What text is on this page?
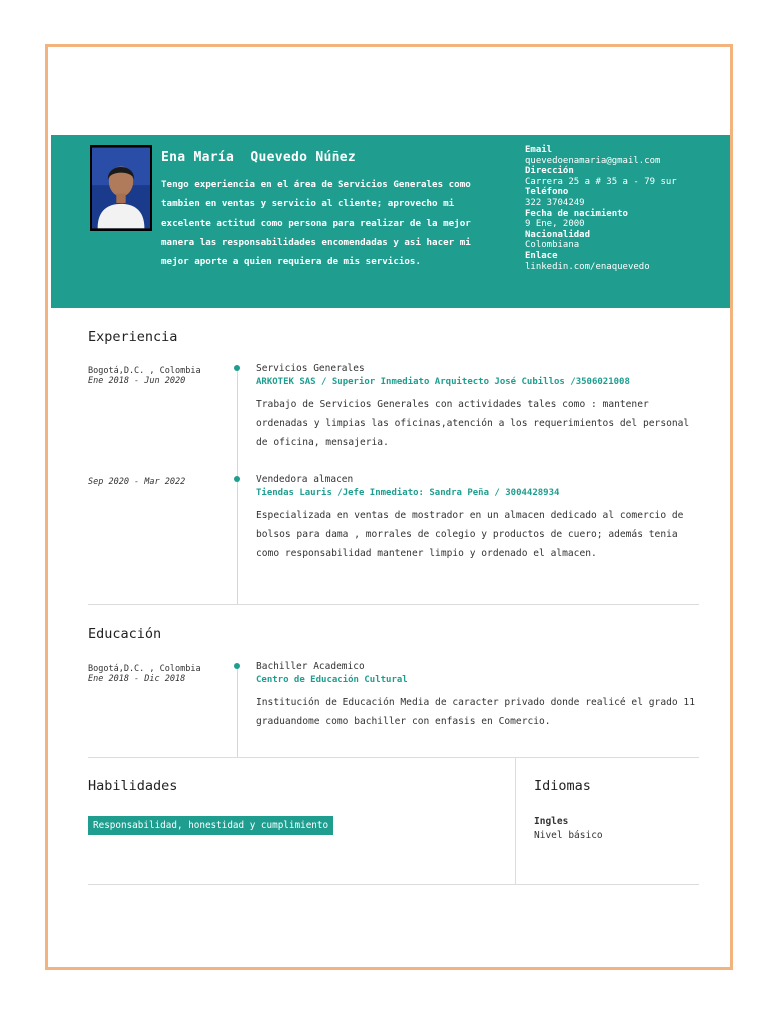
Ena María  Quevedo Núñez
Tengo experiencia en el área de Servicios Generales como tambien en ventas y servicio al cliente; aprovecho mi excelente actitud como persona para realizar de la mejor manera las responsabilidades encomendadas y asi hacer mi mejor aporte a quien requiera de mis servicios.
Email
quevedoenamaria@gmail.com
Dirección
Carrera 25 a # 35 a - 79 sur
Teléfono
322 3704249
Fecha de nacimiento
9 Ene, 2000
Nacionalidad
Colombiana
Enlace
linkedin.com/enaquevedo
Experiencia
Bogotá,D.C. , Colombia
Ene 2018 - Jun 2020
Servicios Generales
ARKOTEK SAS / Superior Inmediato Arquitecto José Cubillos /3506021008
Trabajo de Servicios Generales con actividades tales como : mantener ordenadas y limpias las oficinas,atención a los requerimientos del personal de oficina, mensajeria.
Sep 2020 - Mar 2022	Vendedora almacen
Tiendas Lauris /Jefe Inmediato: Sandra Peña / 3004428934
Especializada en ventas de mostrador en un almacen dedicado al comercio de bolsos para dama , morrales de colegio y productos de cuero; además tenia como responsabilidad mantener limpio y ordenado el almacen.
Educación
Bogotá,D.C. , Colombia
Ene 2018 - Dic 2018
Bachiller Academico
Centro de Educación Cultural
Institución de Educación Media de caracter privado donde realicé el grado 11 graduandome como bachiller con enfasis en Comercio.
Habilidades
Responsabilidad, honestidad y cumplimiento
Idiomas
Ingles
Nivel básico
